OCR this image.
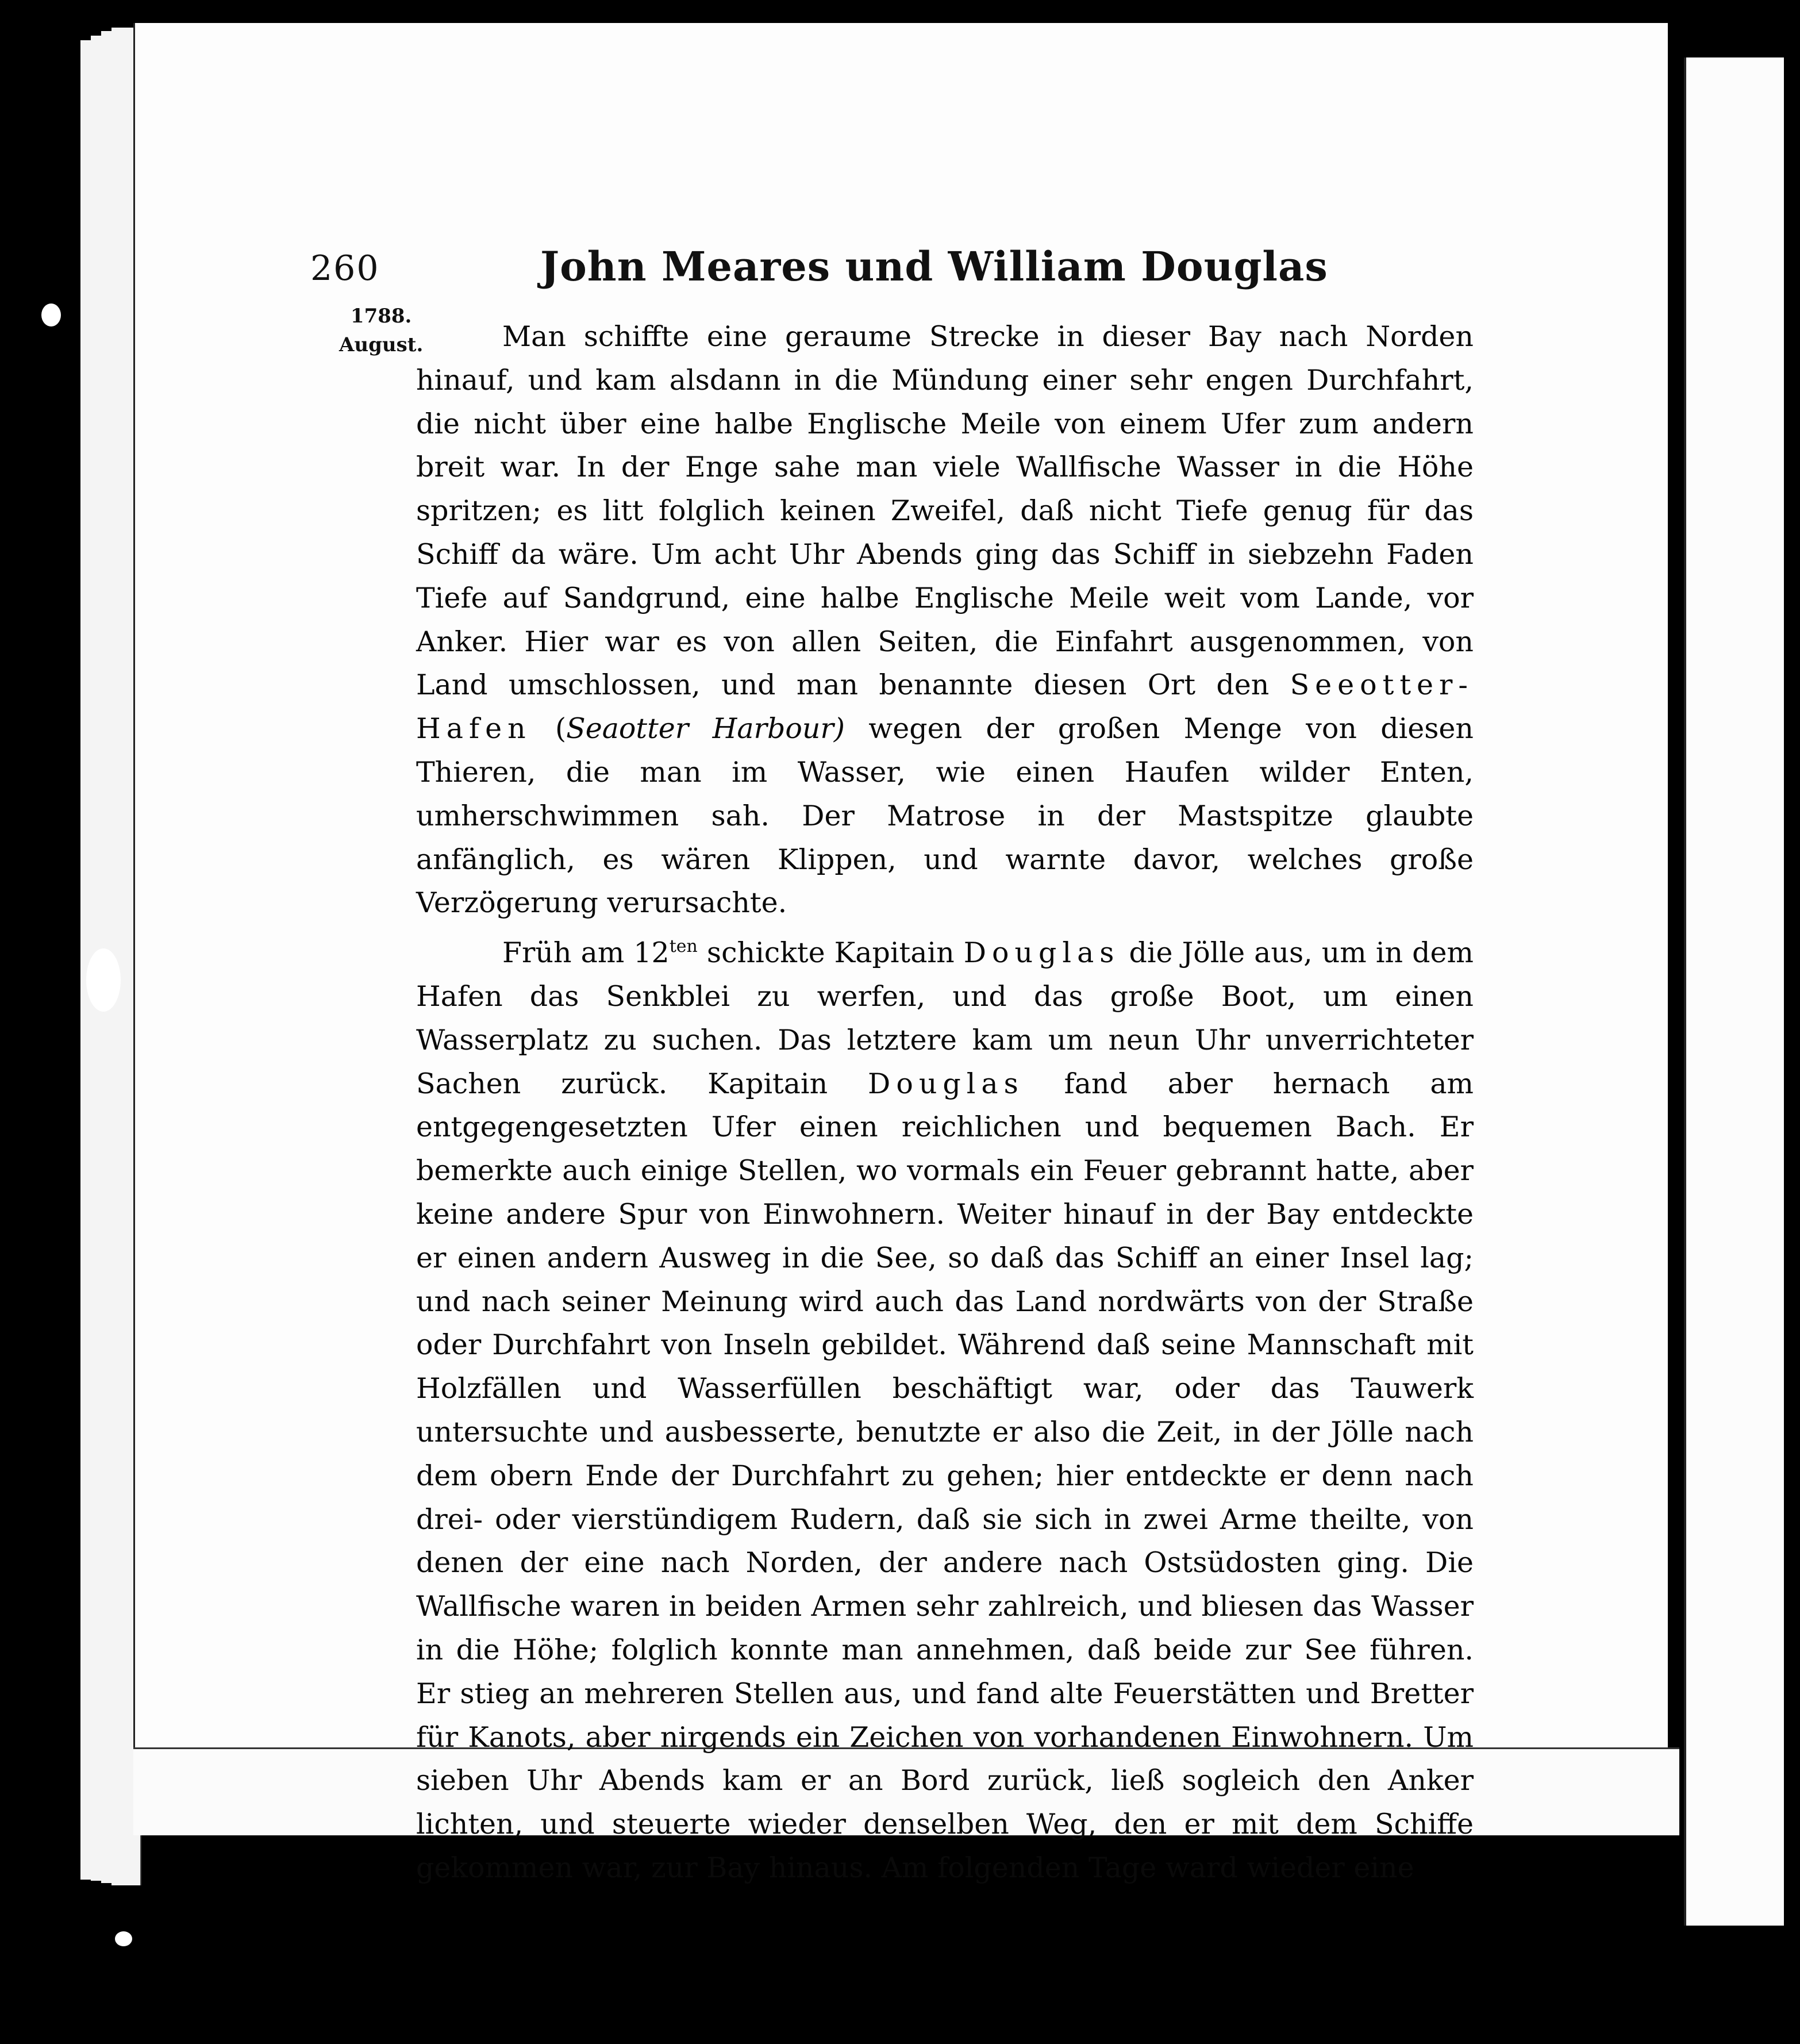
260	John Meares und William Douglas
1788.
August.	Man schiffte eine geraume Strecke in dieser Bay nach Norden hinauf, und kam alsdann in die Mündung einer sehr engen Durchfahrt, die nicht über eine halbe Englische Meile von einem Ufer zum andern breit war. In der Enge sahe man viele Wallfische Wasser in die Höhe spritzen; es litt folglich keinen Zweifel, daß nicht Tiefe genug für das Schiff da wäre. Um acht Uhr Abends ging das Schiff in siebzehn Faden Tiefe auf Sandgrund, eine halbe Englische Meile weit vom Lande, vor Anker. Hier war es von allen Seiten, die Einfahrt ausgenommen, von Land umschlossen, und man benannte diesen Ort den Seeotter-Hafen (Seaotter Harbour) wegen der großen Menge von diesen Thieren, die man im Wasser, wie einen Haufen wilder Enten, umherschwimmen sah. Der Matrose in der Mastspitze glaubte anfänglich, es wären Klippen, und warnte davor, welches große Verzögerung verursachte.

Früh am $12^{ten}$ schickte Kapitain Douglas die Jölle aus, um in dem Hafen das Senkblei zu werfen, und das große Boot, um einen Wasserplatz zu suchen. Das letztere kam um neun Uhr unverrichteter Sachen zurück. Kapitain Douglas fand aber hernach am entgegengesetzten Ufer einen reichlichen und bequemen Bach. Er bemerkte auch einige Stellen, wo vormals ein Feuer gebrannt hatte, aber keine andere Spur von Einwohnern. Weiter hinauf in der Bay entdeckte er einen andern Ausweg in die See, so daß das Schiff an einer Insel lag; und nach seiner Meinung wird auch das Land nordwärts von der Straße oder Durchfahrt von Inseln gebildet. Während daß seine Mannschaft mit Holzfällen und Wasserfüllen beschäftigt war, oder das Tauwerk untersuchte und ausbesserte, benutzte er also die Zeit, in der Jölle nach dem obern Ende der Durchfahrt zu gehen; hier entdeckte er denn nach drei- oder vierstündigem Rudern, daß sie sich in zwei Arme theilte, von denen der eine nach Norden, der andere nach Ostsüdosten ging. Die Wallfische waren in beiden Armen sehr zahlreich, und bliesen das Wasser in die Höhe; folglich konnte man annehmen, daß beide zur See führen. Er stieg an mehreren Stellen aus, und fand alte Feuerstätten und Bretter für Kanots, aber nirgends ein Zeichen von vorhandenen Einwohnern. Um sieben Uhr Abends kam er an Bord zurück, ließ sogleich den Anker lichten, und steuerte wieder denselben Weg, den er mit dem Schiffe gekommen war, zur Bay hinaus. Am folgenden Tage ward wieder eine
